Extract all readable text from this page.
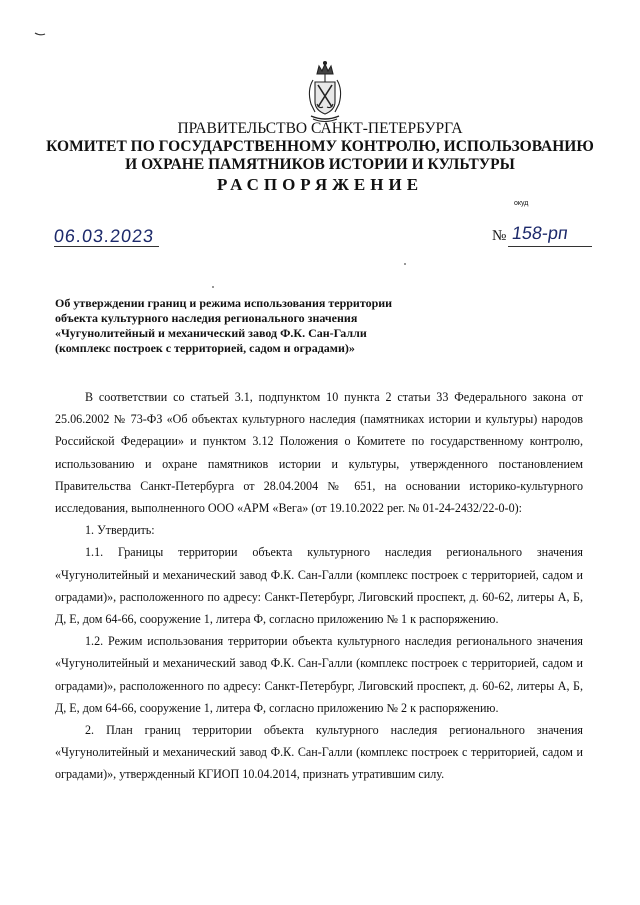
ПРАВИТЕЛЬСТВО САНКТ-ПЕТЕРБУРГА
КОМИТЕТ ПО ГОСУДАРСТВЕННОМУ КОНТРОЛЮ, ИСПОЛЬЗОВАНИЮ
И ОХРАНЕ ПАМЯТНИКОВ ИСТОРИИ И КУЛЬТУРЫ
РАСПОРЯЖЕНИЕ
окуд
06.03.2023	№ 158-рп
Об утверждении границ и режима использования территории
объекта культурного наследия регионального значения
«Чугунолитейный и механический завод Ф.К. Сан-Галли
(комплекс построек с территорией, садом и оградами)»

В соответствии со статьей 3.1, подпунктом 10 пункта 2 статьи 33 Федерального закона от 25.06.2002 № 73-ФЗ «Об объектах культурного наследия (памятниках истории и культуры) народов Российской Федерации» и пунктом 3.12 Положения о Комитете по государственному контролю, использованию и охране памятников истории и культуры, утвержденного постановлением Правительства Санкт-Петербурга от 28.04.2004 № 651, на основании историко-культурного исследования, выполненного ООО «АРМ «Вега» (от 19.10.2022 рег. № 01-24-2432/22-0-0):

1. Утвердить:

1.1. Границы территории объекта культурного наследия регионального значения «Чугунолитейный и механический завод Ф.К. Сан-Галли (комплекс построек с территорией, садом и оградами)», расположенного по адресу: Санкт-Петербург, Лиговский проспект, д. 60-62, литеры А, Б, Д, Е, дом 64-66, сооружение 1, литера Ф, согласно приложению № 1 к распоряжению.

1.2. Режим использования территории объекта культурного наследия регионального значения «Чугунолитейный и механический завод Ф.К. Сан-Галли (комплекс построек с территорией, садом и оградами)», расположенного по адресу: Санкт-Петербург, Лиговский проспект, д. 60-62, литеры А, Б, Д, Е, дом 64-66, сооружение 1, литера Ф, согласно приложению № 2 к распоряжению.

2. План границ территории объекта культурного наследия регионального значения «Чугунолитейный и механический завод Ф.К. Сан-Галли (комплекс построек с территорией, садом и оградами)», утвержденный КГИОП 10.04.2014, признать утратившим силу.
